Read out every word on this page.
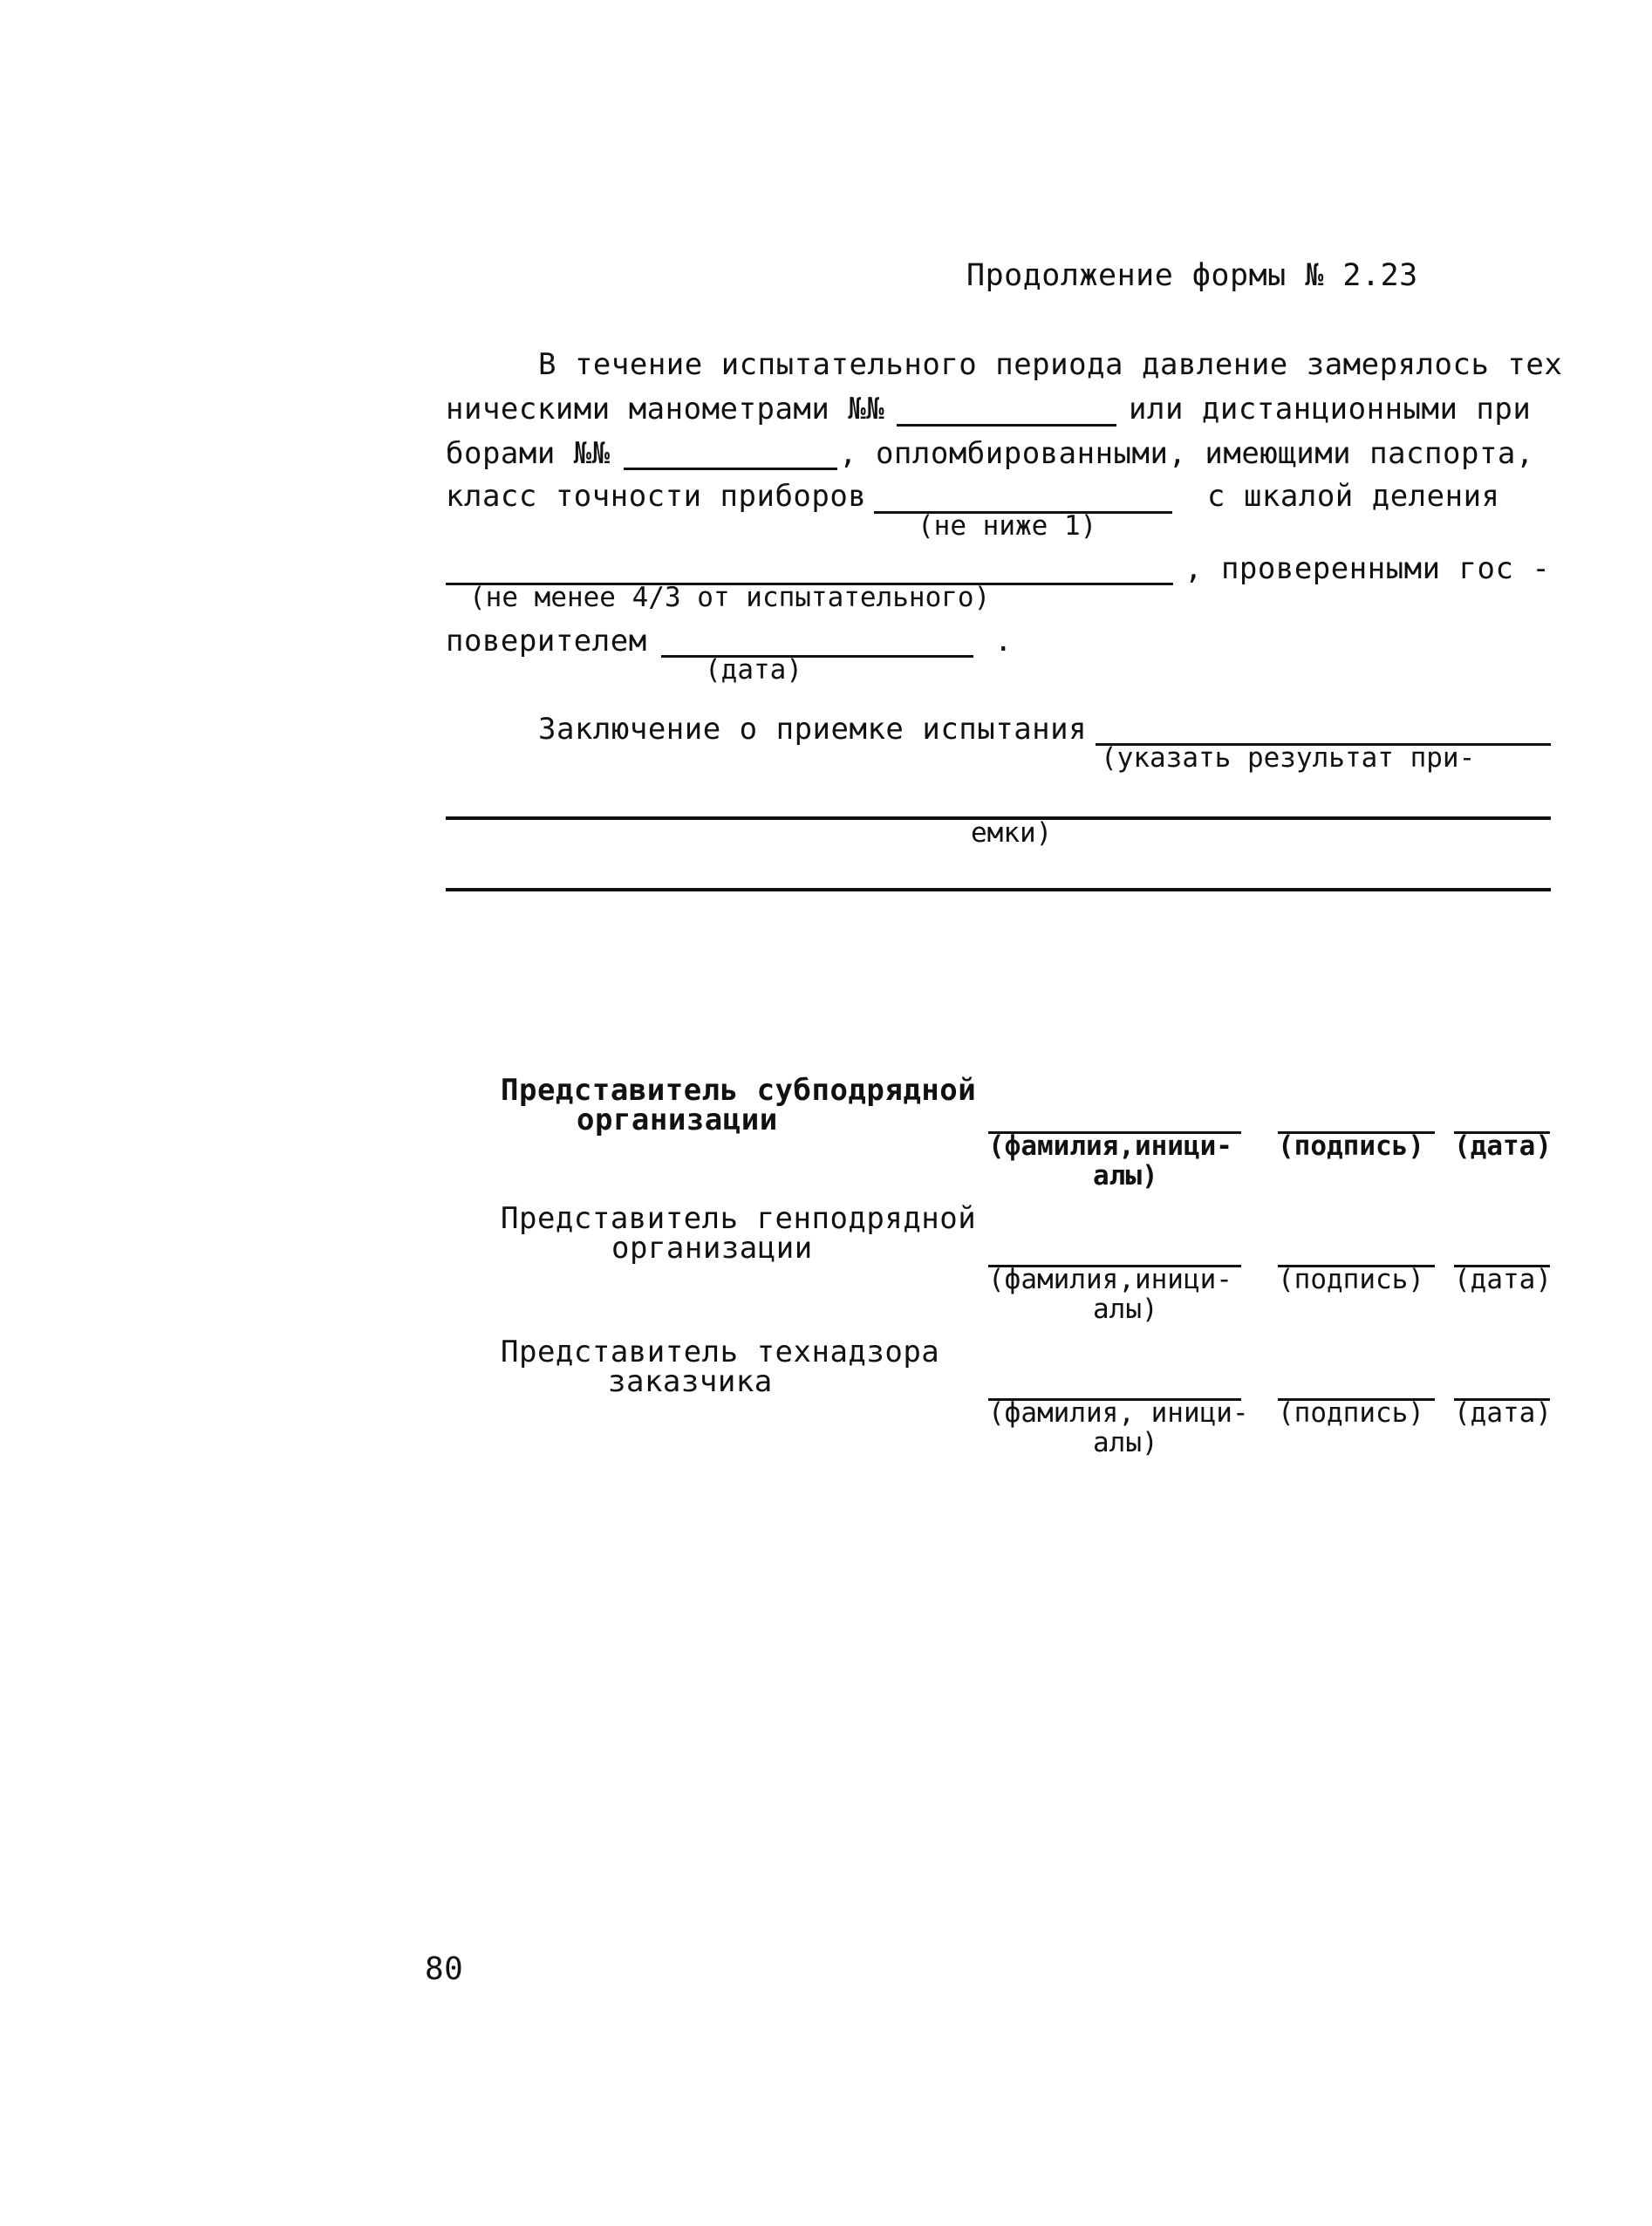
Продолжение формы № 2.23
В течение испытательного периода давление замерялось тех
ническими манометрами №№	или дистанционными при
борами №№	, опломбированными, имеющими паспорта,
класс точности приборов
(не ниже 1)
с шкалой деления
(не менее 4/3 от испытательного)
, проверенными гос -
поверителем
(дата)
.
Заключение о приемке испытания
(указать результат при-
емки)
Представитель субподрядной
организации
(фамилия,иници-
алы)
(подпись) (дата)
Представитель генподрядной
организации
(фамилия,иници-
алы)
(подпись) (дата)
Представитель технадзора
заказчика
(фамилия, иници-
алы)
(подпись) (дата)
80
